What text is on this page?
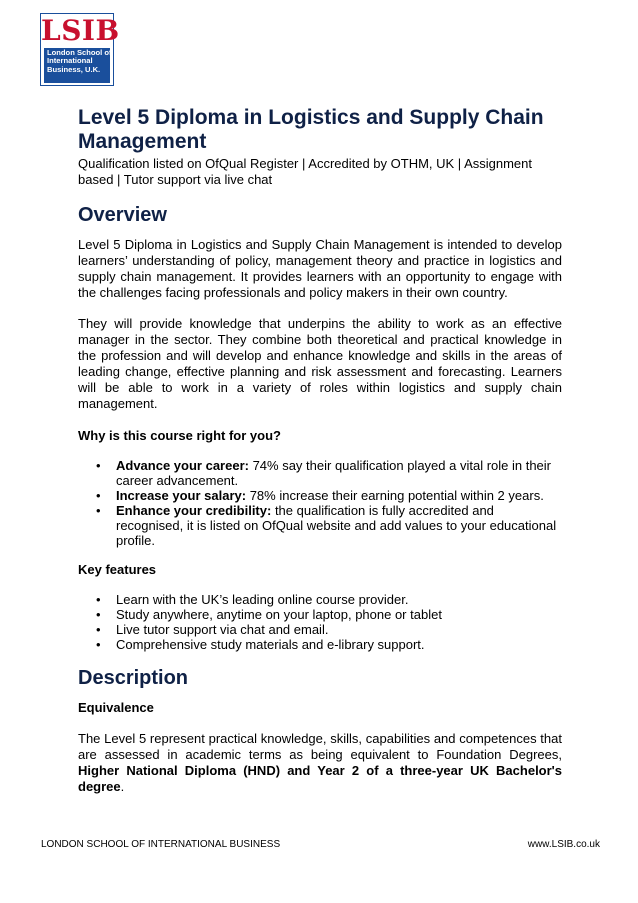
LSIB
London School of
International
Business, U.K.
Level 5 Diploma in Logistics and Supply Chain Management

Qualification listed on OfQual Register | Accredited by OTHM, UK | Assignment based | Tutor support via live chat

Overview

Level 5 Diploma in Logistics and Supply Chain Management is intended to develop learners’ understanding of policy, management theory and practice in logistics and supply chain management. It provides learners with an opportunity to engage with the challenges facing professionals and policy makers in their own country.

They will provide knowledge that underpins the ability to work as an effective manager in the sector. They combine both theoretical and practical knowledge in the profession and will develop and enhance knowledge and skills in the areas of leading change, effective planning and risk assessment and forecasting. Learners will be able to work in a variety of roles within logistics and supply chain management.

Why is this course right for you?

• Advance your career: 74% say their qualification played a vital role in their career advancement.
• Increase your salary: 78% increase their earning potential within 2 years.
• Enhance your credibility: the qualification is fully accredited and recognised, it is listed on OfQual website and add values to your educational profile.

Key features

• Learn with the UK’s leading online course provider.
• Study anywhere, anytime on your laptop, phone or tablet
• Live tutor support via chat and email.
• Comprehensive study materials and e-library support.
Description

Equivalence

The Level 5 represent practical knowledge, skills, capabilities and competences that are assessed in academic terms as being equivalent to Foundation Degrees, Higher National Diploma (HND) and Year 2 of a three-year UK Bachelor's degree.

LONDON SCHOOL OF INTERNATIONAL BUSINESS	www.LSIB.co.uk
